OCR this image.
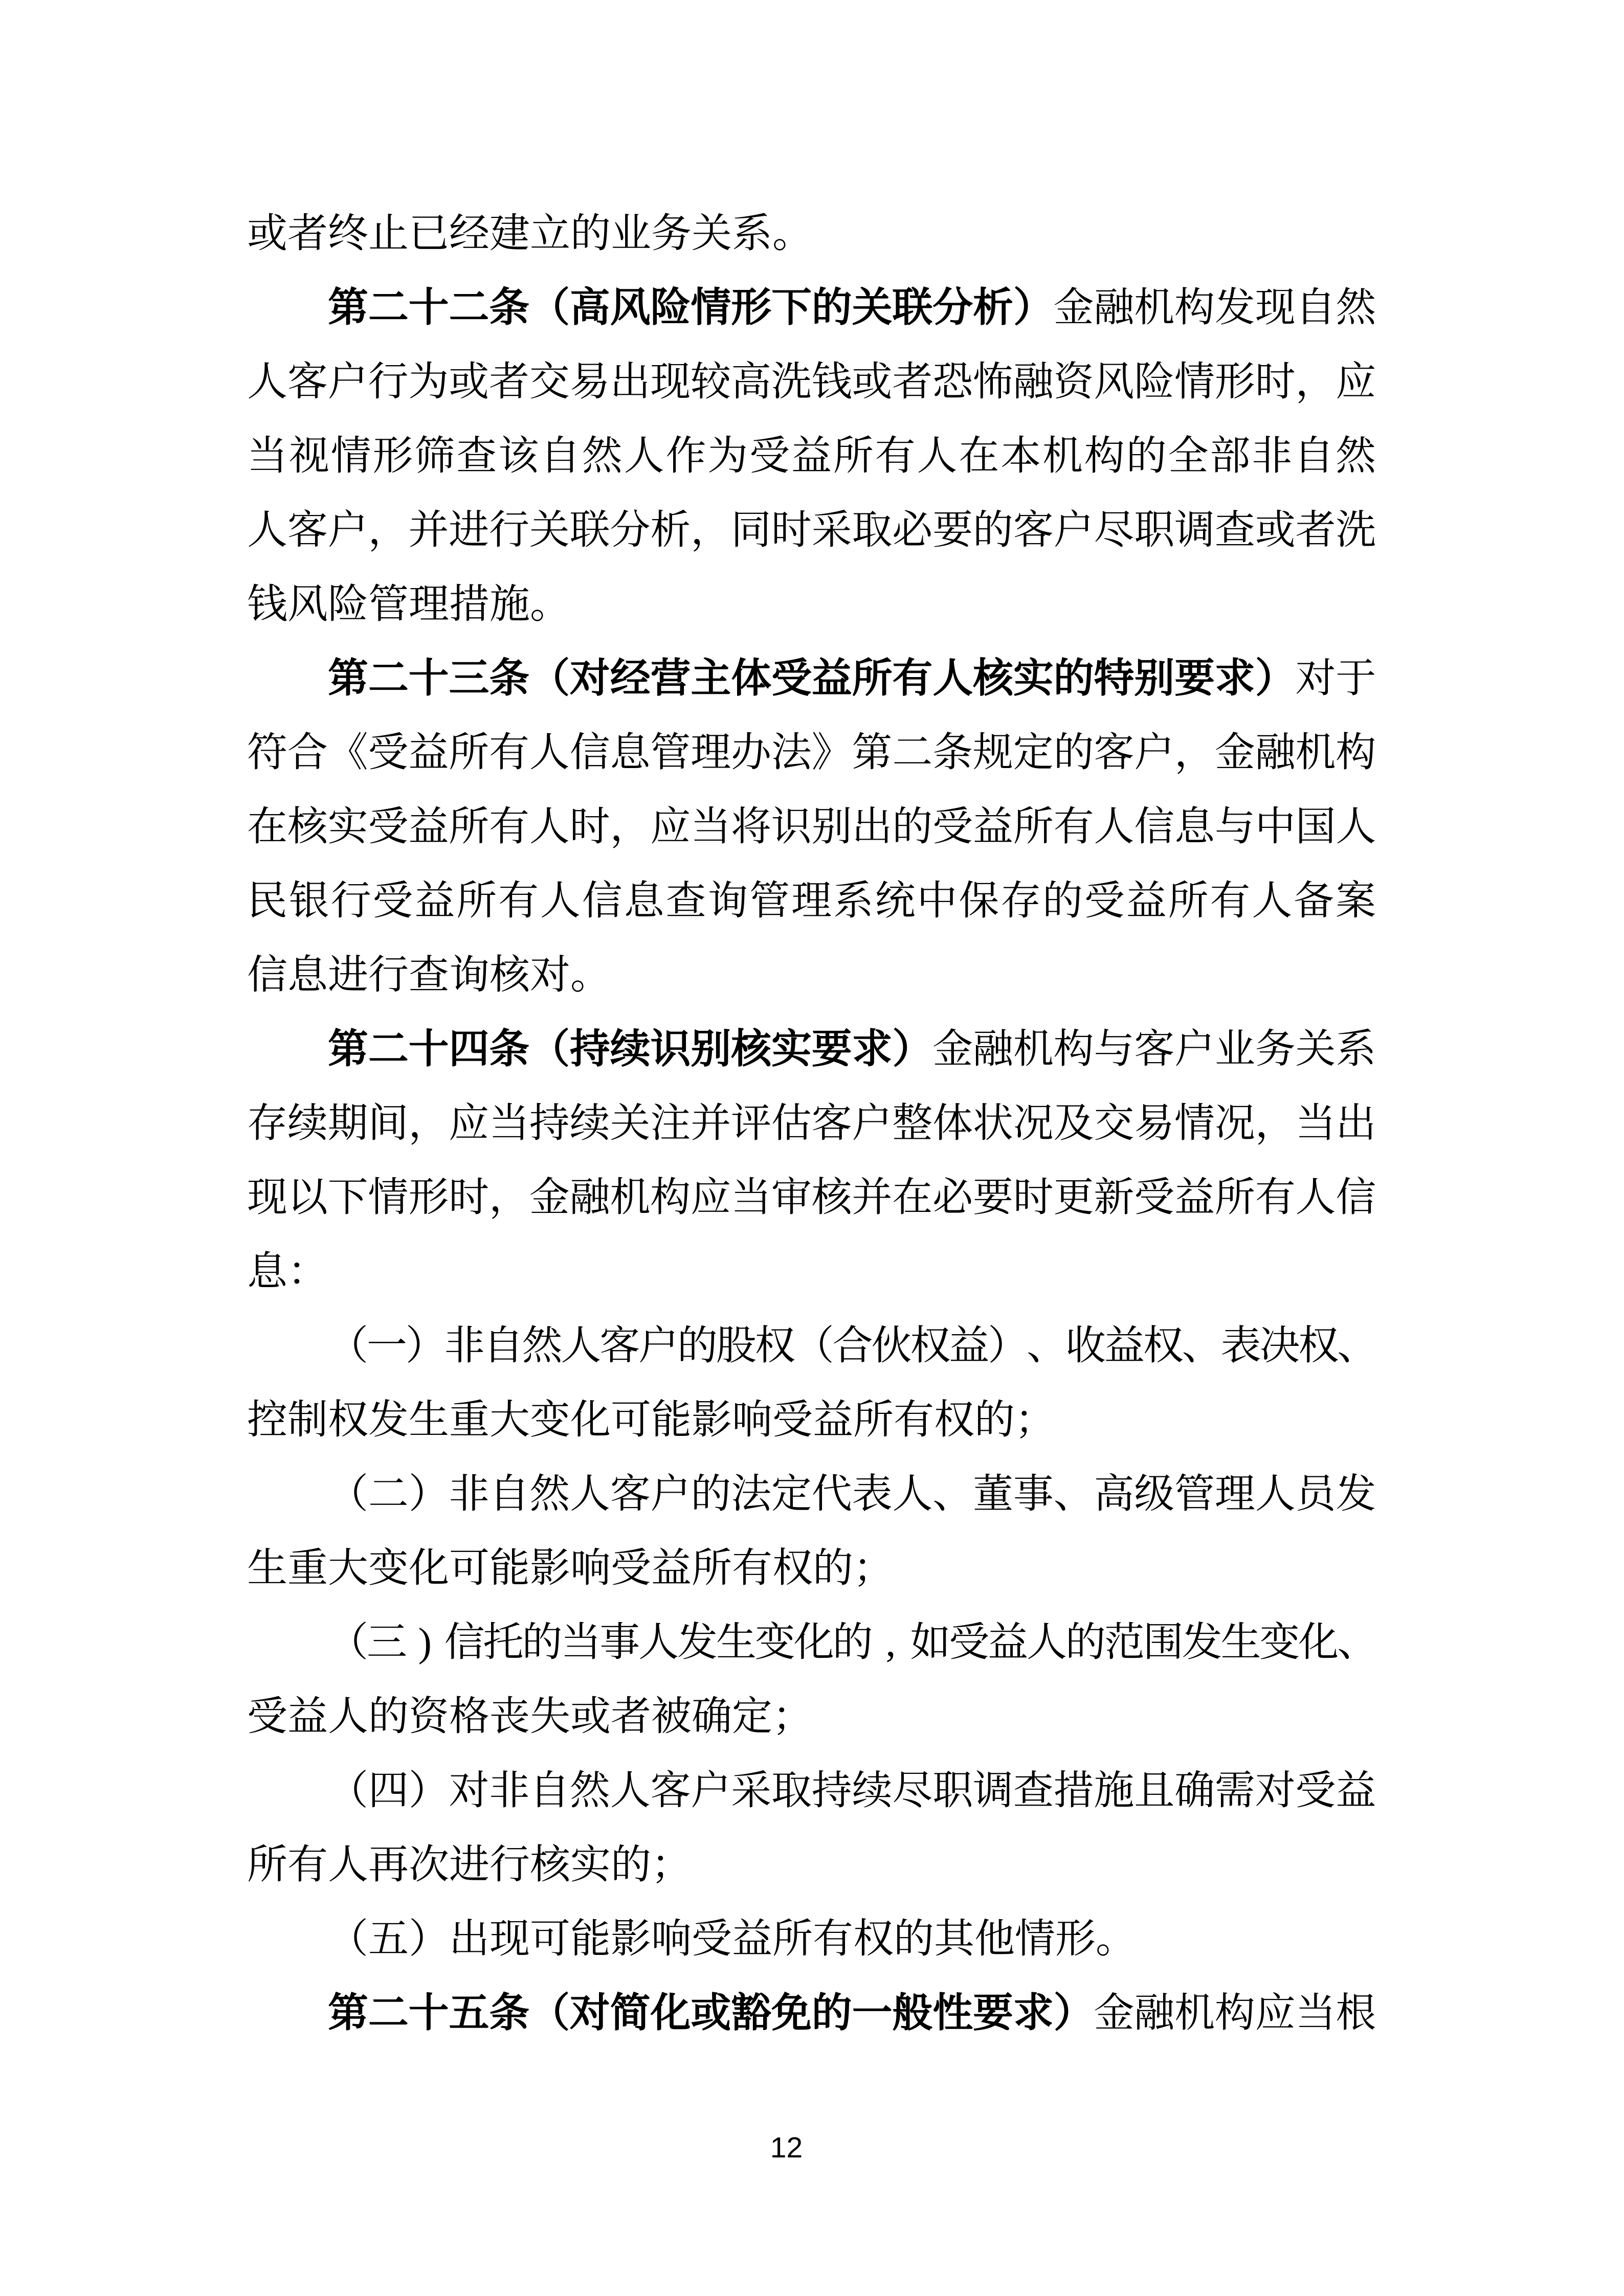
或者终止已经建立的业务关系。
第 二 十 二 条 （ 高 风 险 情 形 下 的 关 联 分 析 ） 金 融 机 构 发 现 自 然
人 客 户 行 为 或 者 交 易 出 现 较 高 洗 钱 或 者 恐 怖 融 资 风 险 情 形 时 ， 应
当 视 情 形 筛 查 该 自 然 人 作 为 受 益 所 有 人 在 本 机 构 的 全 部 非 自 然
人 客 户 ， 并 进 行 关 联 分 析 ， 同 时 采 取 必 要 的 客 户 尽 职 调 查 或 者 洗
钱风险管理措施。
第 二 十 三 条 （ 对 经 营 主 体 受 益 所 有 人 核 实 的 特 别 要 求 ） 对 于
符 合 《 受 益 所 有 人 信 息 管 理 办 法 》 第 二 条 规 定 的 客 户 ， 金 融 机 构
在 核 实 受 益 所 有 人 时 ， 应 当 将 识 别 出 的 受 益 所 有 人 信 息 与 中 国 人
民 银 行 受 益 所 有 人 信 息 查 询 管 理 系 统 中 保 存 的 受 益 所 有 人 备 案
信息进行查询核对。
第 二 十 四 条 （ 持 续 识 别 核 实 要 求 ） 金 融 机 构 与 客 户 业 务 关 系
存 续 期 间 ， 应 当 持 续 关 注 并 评 估 客 户 整 体 状 况 及 交 易 情 况 ， 当 出
现 以 下 情 形 时 ， 金 融 机 构 应 当 审 核 并 在 必 要 时 更 新 受 益 所 有 人 信
息：
（
一
）
非
自
然
人
客
户
的
股
权
（
合
伙
权
益
）
、
收
益
权
、
表
决
权
、
控制权发生重大变化可能影响受益所有权的；
（ 二 ） 非 自 然 人 客 户 的 法 定 代 表 人 、 董 事 、 高 级 管 理 人 员 发
生重大变化可能影响受益所有权的；
（
三 ) 信
托
的
当
事
人
发
生
变
化
的 , 如
受
益
人
的
范
围
发
生
变
化
、
受益人的资格丧失或者被确定；
（ 四 ） 对 非 自 然 人 客 户 采 取 持 续 尽 职 调 查 措 施 且 确 需 对 受 益
所有人再次进行核实的；
（五）出现可能影响受益所有权的其他情形。
第 二 十 五 条 （ 对 简 化 或 豁 免 的 一 般 性 要 求 ） 金 融 机 构 应 当 根
12
